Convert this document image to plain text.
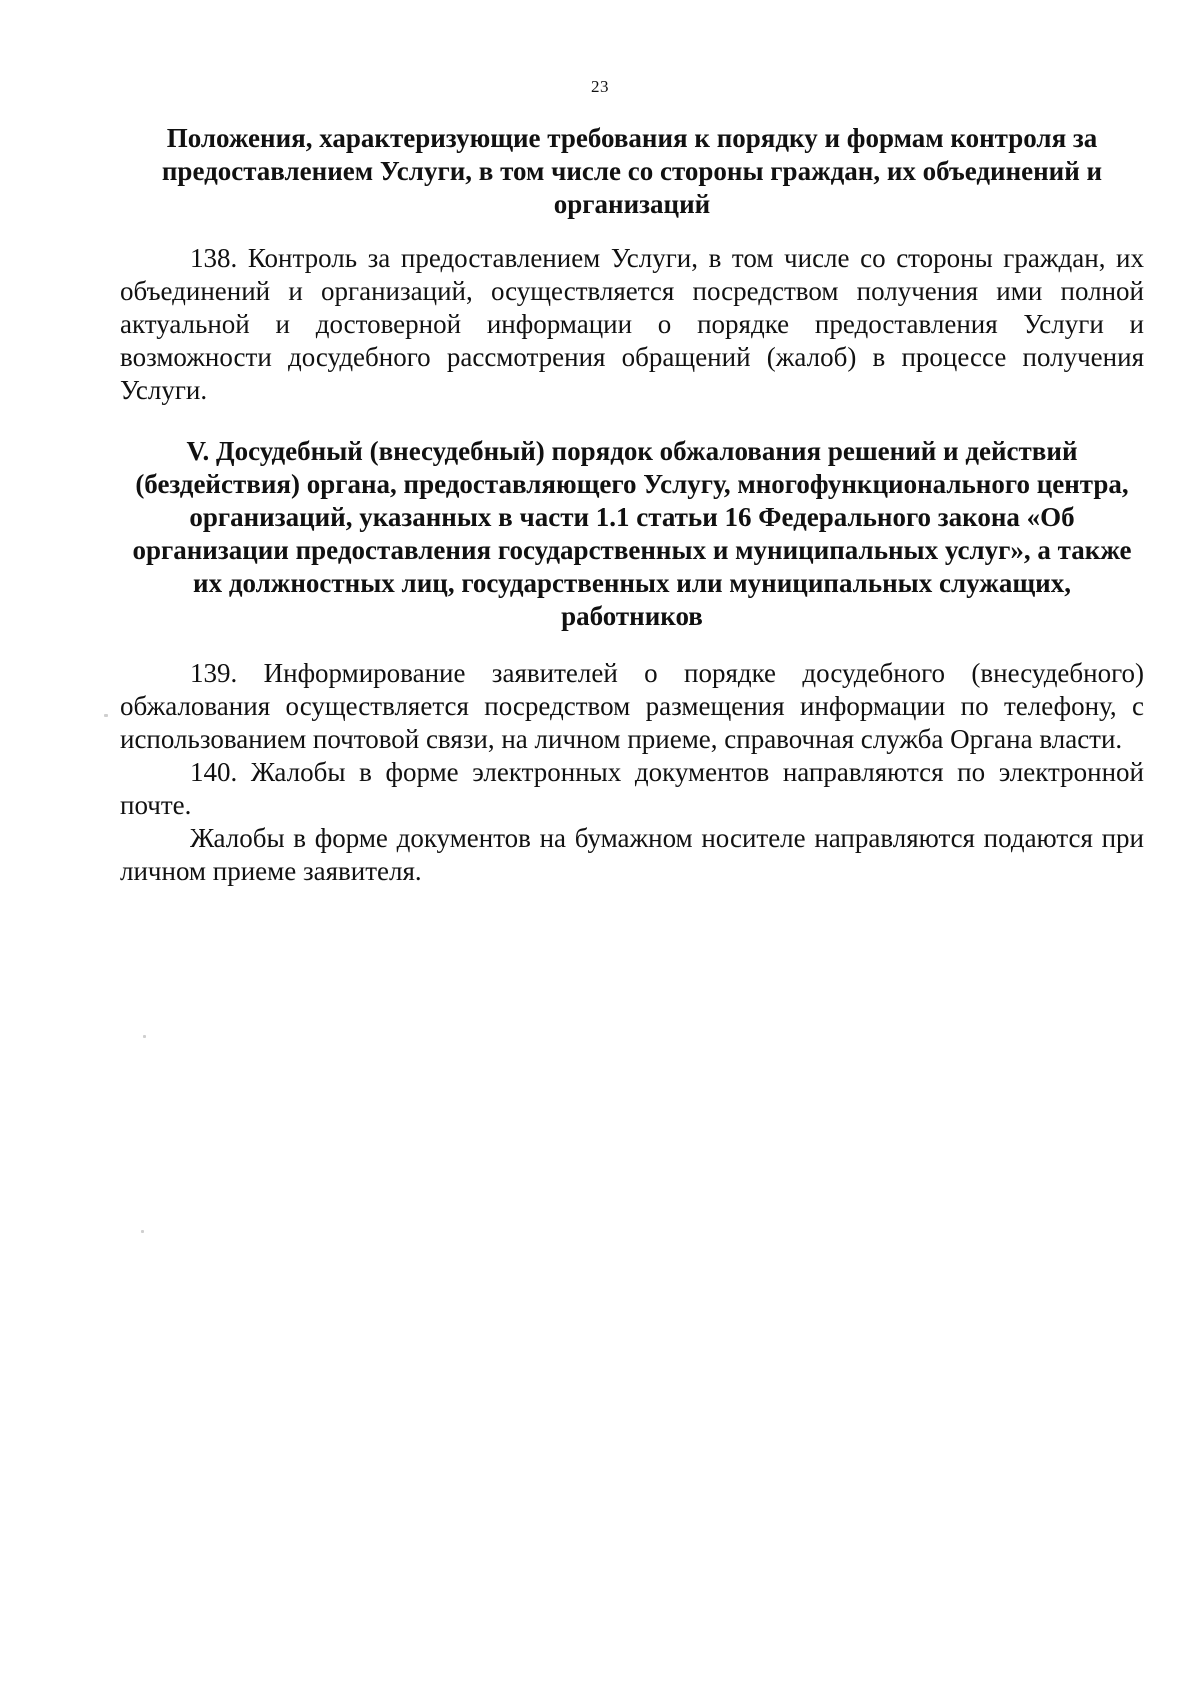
23
Положения, характеризующие требования к порядку и формам контроля за предоставлением Услуги, в том числе со стороны граждан, их объединений и организаций

138. Контроль за предоставлением Услуги, в том числе со стороны граждан, их объединений и организаций, осуществляется посредством получения ими полной актуальной и достоверной информации о порядке предоставления Услуги и возможности досудебного рассмотрения обращений (жалоб) в процессе получения Услуги.

V. Досудебный (внесудебный) порядок обжалования решений и действий (бездействия) органа, предоставляющего Услугу, многофункционального центра, организаций, указанных в части 1.1 статьи 16 Федерального закона «Об организации предоставления государственных и муниципальных услуг», а также их должностных лиц, государственных или муниципальных служащих, работников

139. Информирование заявителей о порядке досудебного (внесудебного) обжалования осуществляется посредством размещения информации по телефону, с использованием почтовой связи, на личном приеме, справочная служба Органа власти.

140. Жалобы в форме электронных документов направляются по электронной почте.

Жалобы в форме документов на бумажном носителе направляются подаются при личном приеме заявителя.
